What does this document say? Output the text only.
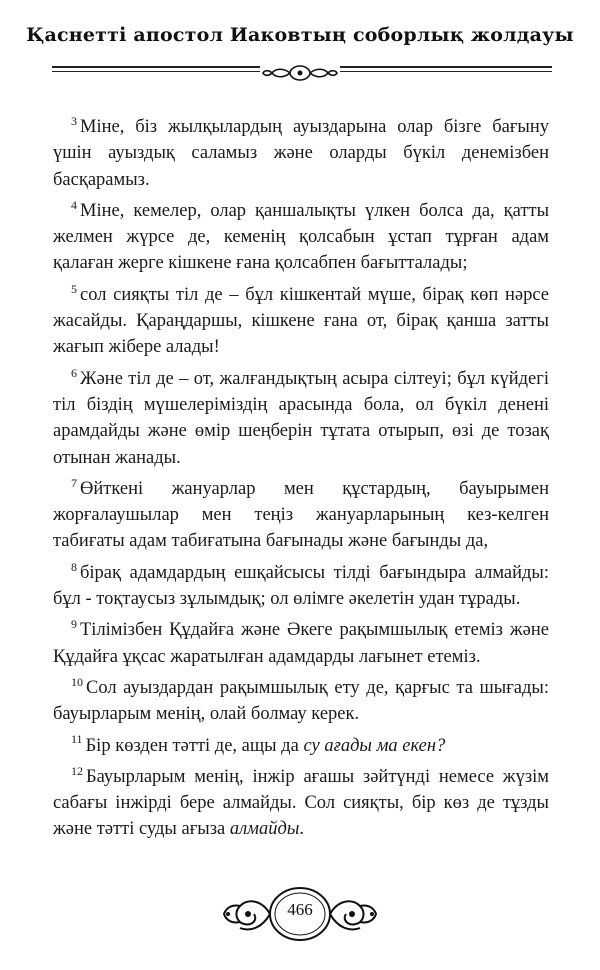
Қаснетті апостол Иаковтың соборлық жолдауы

$^3$ Міне, біз жылқылардың ауыздарына олар бізге бағыну үшін ауыздық саламыз және оларды бүкіл денемізбен басқарамыз.

$^4$ Міне, кемелер, олар қаншалықты үлкен болса да, қатты желмен жүрсе де, кеменің қолсабын ұстап тұрған адам қалаған жерге кішкене ғана қолсабпен бағытталады;

$^5$ сол сияқты тіл де – бұл кішкентай мүше, бірақ көп нәрсе жасайды. Қараңдаршы, кішкене ғана от, бірақ қанша затты жағып жібере алады!

$^6$ Және тіл де – от, жалғандықтың асыра сілтеуі; бұл күйдегі тіл біздің мүшелеріміздің арасында бола, ол бүкіл денені арамдайды және өмір шеңберін тұтата отырып, өзі де тозақ отынан жанады.

$^7$ Өйткені жануарлар мен құстардың, бауырымен жорғалаушылар мен теңіз жануарларының кез-келген табиғаты адам табиғатына бағынады және бағынды да,

$^8$ бірақ адамдардың ешқайсысы тілді бағындыра алмайды: бұл - тоқтаусыз зұлымдық; ол өлімге әкелетін удан тұрады.

$^9$ Тілімізбен Құдайға және Әкеге рақымшылық етеміз және Құдайға ұқсас жаратылған адамдарды лағынет етеміз.

$^{10}$ Сол ауыздардан рақымшылық ету де, қарғыс та шығады: бауырларым менің, олай болмау керек.

$^{11}$ Бір көзден тәтті де, ащы да су ағады ма екен?

$^{12}$ Бауырларым менің, інжір ағашы зәйтүнді немесе жүзім сабағы інжірді бере алмайды. Сол сияқты, бір көз де тұзды және тәтті суды ағыза алмайды.

466
